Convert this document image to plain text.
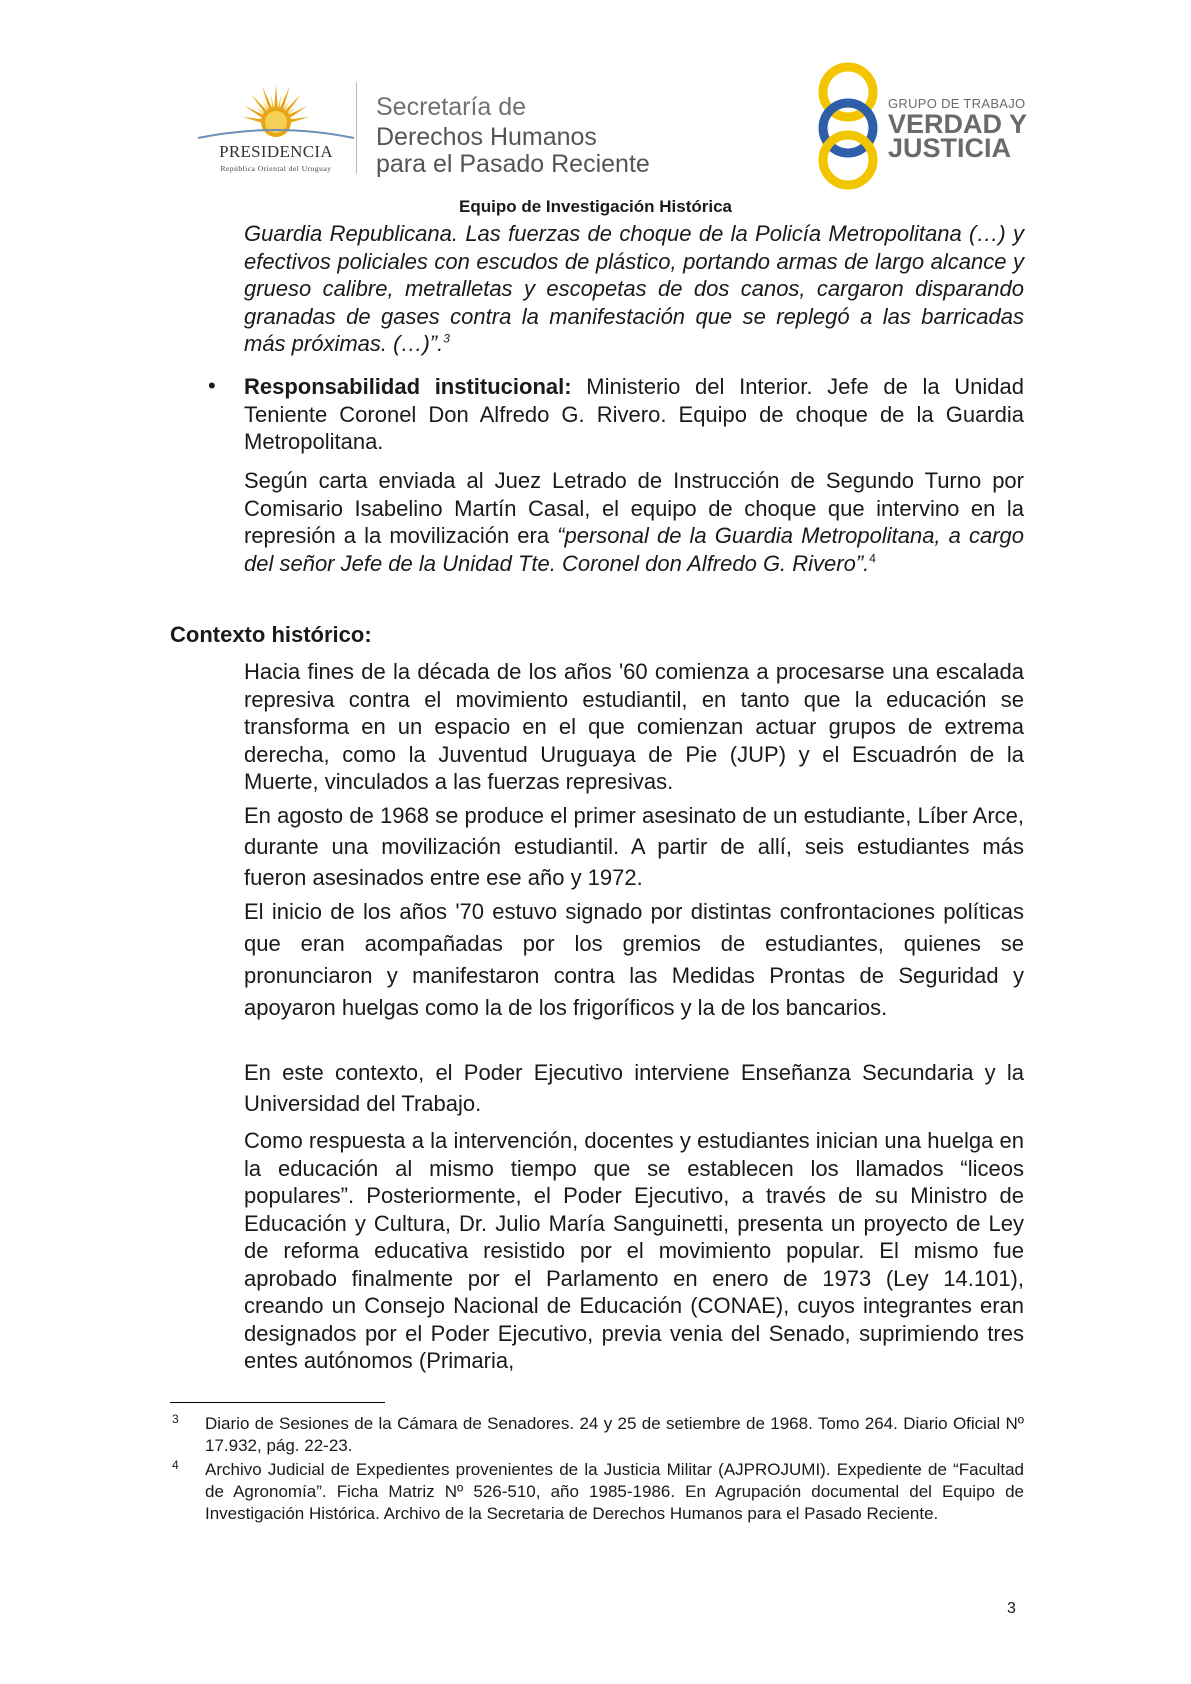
PRESIDENCIA
República Oriental del Uruguay
Secretaría de
Derechos Humanos
para el Pasado Reciente
GRUPO DE TRABAJO
VERDAD Y
JUSTICIA
Equipo de Investigación Histórica

Guardia Republicana. Las fuerzas de choque de la Policía Metropolitana (…) y efectivos policiales con escudos de plástico, portando armas de largo alcance y grueso calibre, metralletas y escopetas de dos canos, cargaron disparando granadas de gases contra la manifestación que se replegó a las barricadas más próximas. (…)”.$^3$

• Responsabilidad institucional: Ministerio del Interior. Jefe de la Unidad Teniente Coronel Don Alfredo G. Rivero. Equipo de choque de la Guardia Metropolitana.

Según carta enviada al Juez Letrado de Instrucción de Segundo Turno por Comisario Isabelino Martín Casal, el equipo de choque que intervino en la represión a la movilización era “personal de la Guardia Metropolitana, a cargo del señor Jefe de la Unidad Tte. Coronel don Alfredo G. Rivero”.$^4$

Contexto histórico:

Hacia fines de la década de los años '60 comienza a procesarse una escalada represiva contra el movimiento estudiantil, en tanto que la educación se transforma en un espacio en el que comienzan actuar grupos de extrema derecha, como la Juventud Uruguaya de Pie (JUP) y el Escuadrón de la Muerte, vinculados a las fuerzas represivas.

En agosto de 1968 se produce el primer asesinato de un estudiante, Líber Arce, durante una movilización estudiantil. A partir de allí, seis estudiantes más fueron asesinados entre ese año y 1972.

El inicio de los años '70 estuvo signado por distintas confrontaciones políticas que eran acompañadas por los gremios de estudiantes, quienes se pronunciaron y manifestaron contra las Medidas Prontas de Seguridad y apoyaron huelgas como la de los frigoríficos y la de los bancarios.

En este contexto, el Poder Ejecutivo interviene Enseñanza Secundaria y la Universidad del Trabajo.

Como respuesta a la intervención, docentes y estudiantes inician una huelga en la educación al mismo tiempo que se establecen los llamados “liceos populares”. Posteriormente, el Poder Ejecutivo, a través de su Ministro de Educación y Cultura, Dr. Julio María Sanguinetti, presenta un proyecto de Ley de reforma educativa resistido por el movimiento popular. El mismo fue aprobado finalmente por el Parlamento en enero de 1973 (Ley 14.101), creando un Consejo Nacional de Educación (CONAE), cuyos integrantes eran designados por el Poder Ejecutivo, previa venia del Senado, suprimiendo tres entes autónomos (Primaria,

3 Diario de Sesiones de la Cámara de Senadores. 24 y 25 de setiembre de 1968. Tomo 264. Diario Oficial Nº 17.932, pág. 22-23.

4 Archivo Judicial de Expedientes provenientes de la Justicia Militar (AJPROJUMI). Expediente de “Facultad de Agronomía”. Ficha Matriz Nº 526-510, año 1985-1986. En Agrupación documental del Equipo de Investigación Histórica. Archivo de la Secretaria de Derechos Humanos para el Pasado Reciente.

3
